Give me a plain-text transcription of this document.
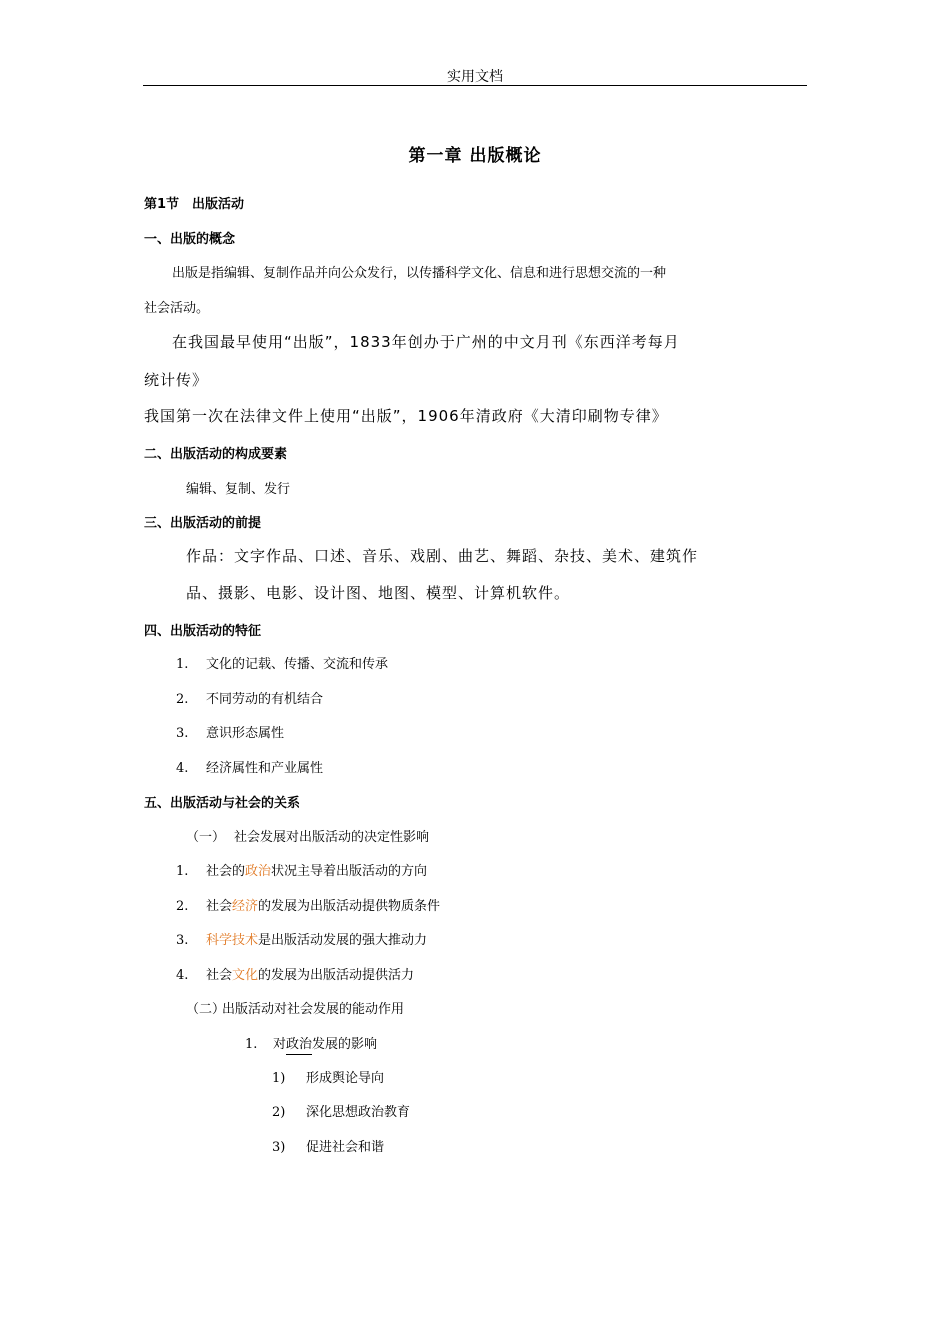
实用文档
第一章 出版概论
第1节　出版活动
一、出版的概念
出版是指编辑、复制作品并向公众发行，以传播科学文化、信息和进行思想交流的一种
社会活动。
在我国最早使用“出版”，1833年创办于广州的中文月刊《东西洋考每月
统计传》
我国第一次在法律文件上使用“出版”，1906年清政府《大清印刷物专律》
二、出版活动的构成要素
编辑、复制、发行
三、出版活动的前提
作品：文字作品、口述、音乐、戏剧、曲艺、舞蹈、杂技、美术、建筑作
品、摄影、电影、设计图、地图、模型、计算机软件。
四、出版活动的特征
1. 文化的记载、传播、交流和传承
2. 不同劳动的有机结合
3. 意识形态属性
4. 经济属性和产业属性
五、出版活动与社会的关系
（一） 社会发展对出版活动的决定性影响
1. 社会的政治状况主导着出版活动的方向
2. 社会经济的发展为出版活动提供物质条件
3. 科学技术是出版活动发展的强大推动力
4. 社会文化的发展为出版活动提供活力
（二）出版活动对社会发展的能动作用
1. 对政治发展的影响
1) 形成舆论导向
2) 深化思想政治教育
3) 促进社会和谐
